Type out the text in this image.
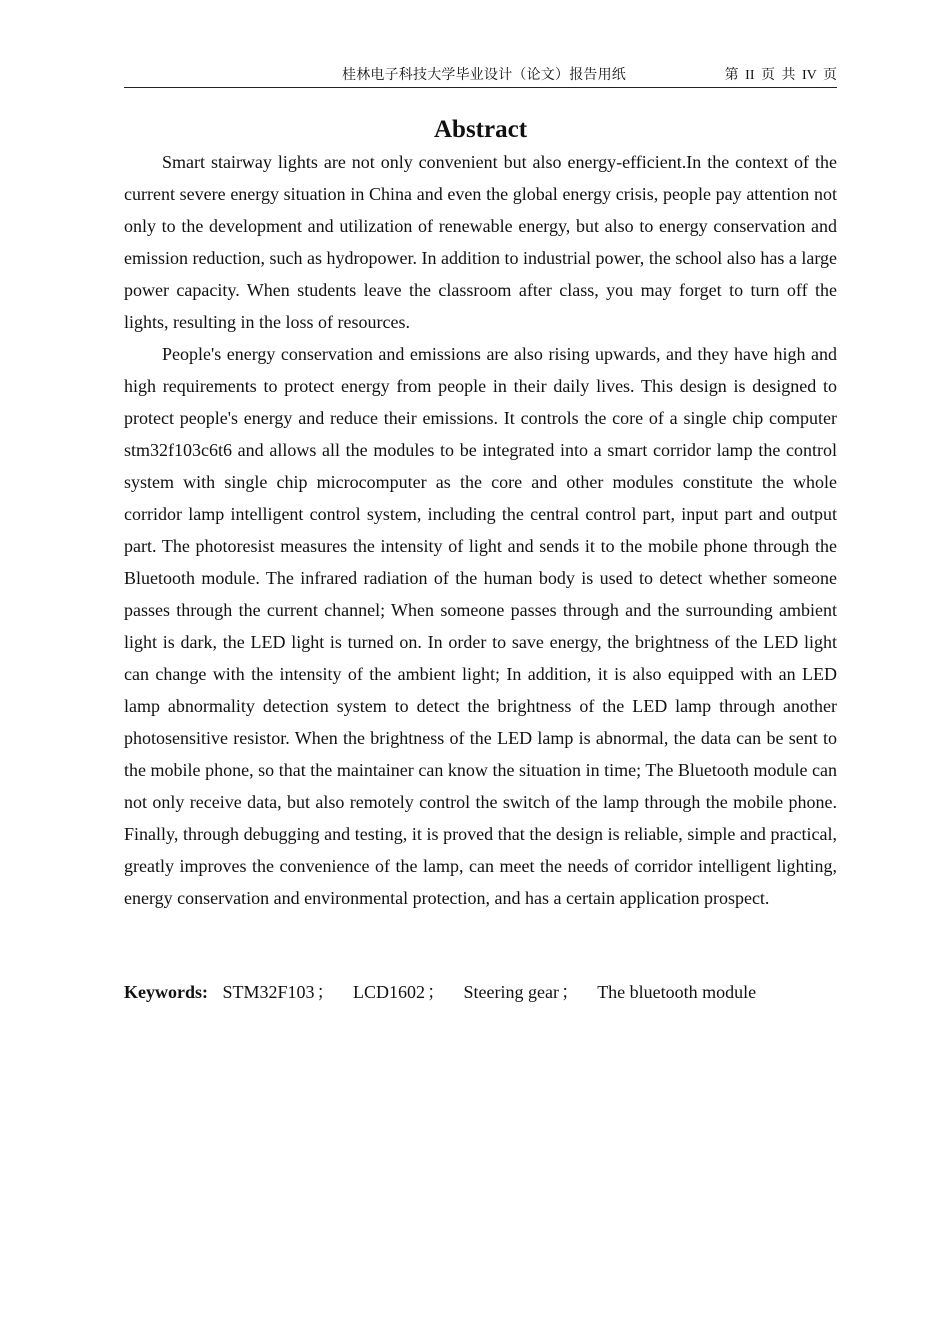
桂林电子科技大学毕业设计（论文）报告用纸	第 II 页 共 IV 页
Abstract

Smart stairway lights are not only convenient but also energy-efficient.In the context of the current severe energy situation in China and even the global energy crisis, people pay attention not only to the development and utilization of renewable energy, but also to energy conservation and emission reduction, such as hydropower. In addition to industrial power, the school also has a large power capacity. When students leave the classroom after class, you may forget to turn off the lights, resulting in the loss of resources.

People's energy conservation and emissions are also rising upwards, and they have high and high requirements to protect energy from people in their daily lives. This design is designed to protect people's energy and reduce their emissions. It controls the core of a single chip computer stm32f103c6t6 and allows all the modules to be integrated into a smart corridor lamp the control system with single chip microcomputer as the core and other modules constitute the whole corridor lamp intelligent control system, including the central control part, input part and output part. The photoresist measures the intensity of light and sends it to the mobile phone through the Bluetooth module. The infrared radiation of the human body is used to detect whether someone passes through the current channel; When someone passes through and the surrounding ambient light is dark, the LED light is turned on. In order to save energy, the brightness of the LED light can change with the intensity of the ambient light; In addition, it is also equipped with an LED lamp abnormality detection system to detect the brightness of the LED lamp through another photosensitive resistor. When the brightness of the LED lamp is abnormal, the data can be sent to the mobile phone, so that the maintainer can know the situation in time; The Bluetooth module can not only receive data, but also remotely control the switch of the lamp through the mobile phone. Finally, through debugging and testing, it is proved that the design is reliable, simple and practical, greatly improves the convenience of the lamp, can meet the needs of corridor intelligent lighting, energy conservation and environmental protection, and has a certain application prospect.

Keywords: STM32F103 ； LCD1602 ； Steering gear ； The bluetooth module
